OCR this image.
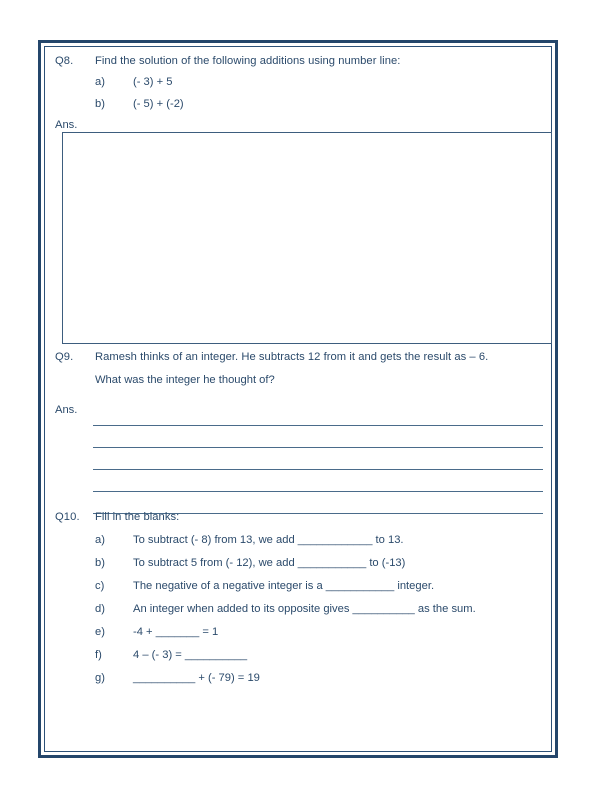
Q8.	Find the solution of the following additions using number line:
a)	(- 3) + 5
b)	(- 5) + (-2)
Ans.
Q9.	Ramesh thinks of an integer. He subtracts 12 from it and gets the result as – 6.
What was the integer he thought of?
Ans.
Q10.	Fill in the blanks:
a)	To subtract (- 8) from 13, we add ____________ to 13.
b)	To subtract 5 from (- 12), we add ___________ to (-13)
c)	The negative of a negative integer is a ___________ integer.
d)	An integer when added to its opposite gives __________ as the sum.
e)	-4 + _______ = 1
f)	4 – (- 3) = __________
g)	__________ + (- 79) = 19
